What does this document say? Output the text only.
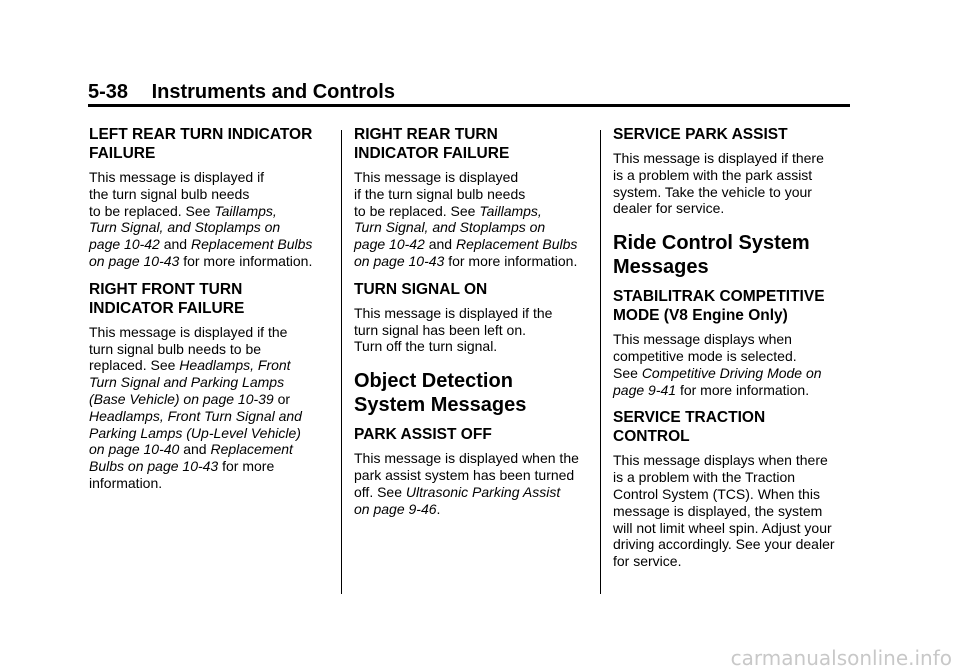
5-38 Instruments and Controls
LEFT REAR TURN INDICATOR FAILURE

This message is displayed if
the turn signal bulb needs
to be replaced. See Taillamps,
Turn Signal, and Stoplamps on
page 10-42 and Replacement Bulbs
on page 10-43 for more information.

RIGHT FRONT TURN INDICATOR FAILURE

This message is displayed if the
turn signal bulb needs to be
replaced. See Headlamps, Front
Turn Signal and Parking Lamps
(Base Vehicle) on page 10-39 or
Headlamps, Front Turn Signal and
Parking Lamps (Up-Level Vehicle)
on page 10-40 and Replacement
Bulbs on page 10-43 for more
information.

RIGHT REAR TURN INDICATOR FAILURE

This message is displayed
if the turn signal bulb needs
to be replaced. See Taillamps,
Turn Signal, and Stoplamps on
page 10-42 and Replacement Bulbs
on page 10-43 for more information.

TURN SIGNAL ON

This message is displayed if the
turn signal has been left on.
Turn off the turn signal.

Object Detection System Messages
PARK ASSIST OFF

This message is displayed when the
park assist system has been turned
off. See Ultrasonic Parking Assist
on page 9-46.

SERVICE PARK ASSIST

This message is displayed if there
is a problem with the park assist
system. Take the vehicle to your
dealer for service.

Ride Control System Messages
STABILITRAK COMPETITIVE MODE (V8 Engine Only)

This message displays when
competitive mode is selected.
See Competitive Driving Mode on
page 9-41 for more information.

SERVICE TRACTION CONTROL

This message displays when there
is a problem with the Traction
Control System (TCS). When this
message is displayed, the system
will not limit wheel spin. Adjust your
driving accordingly. See your dealer
for service.

carmanualsonline.info
